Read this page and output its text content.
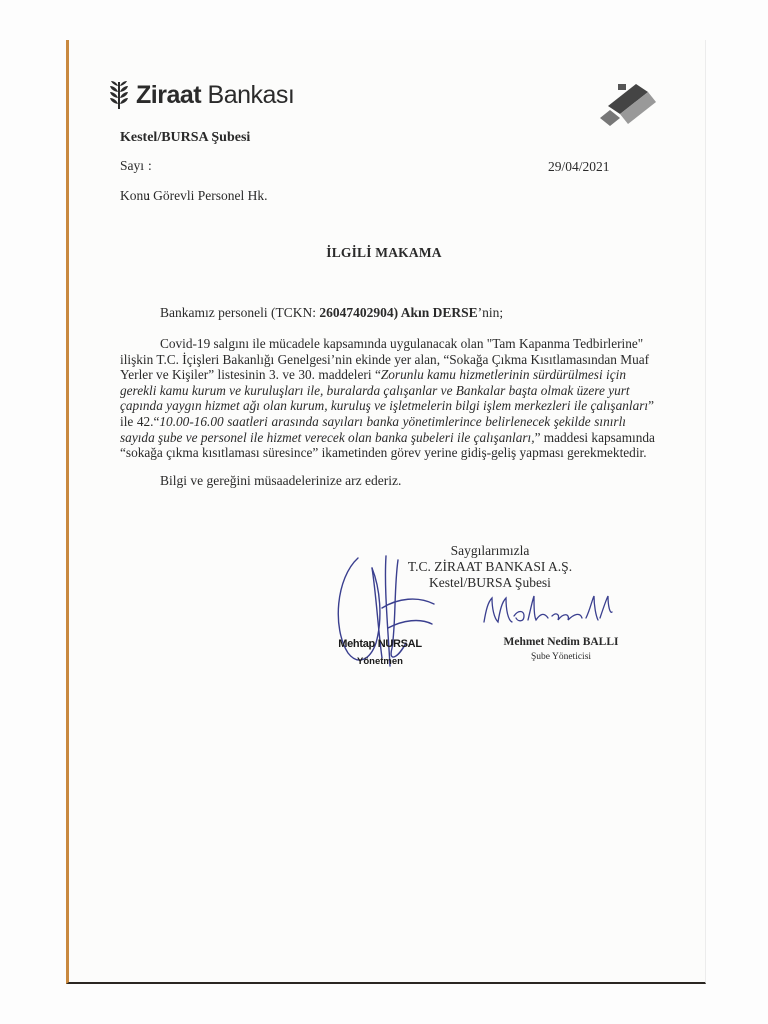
Ziraat Bankası
Kestel/BURSA Şubesi
Sayı :	29/04/2021
Konu
: Görevli Personel Hk.
İLGİLİ MAKAMA
Bankamız personeli (TCKN: 26047402904) Akın DERSE’nin;
Covid-19 salgını ile mücadele kapsamında uygulanacak olan "Tam Kapanma Tedbirlerine"
ilişkin T.C. İçişleri Bakanlığı Genelgesi’nin ekinde yer alan, “Sokağa Çıkma Kısıtlamasından Muaf
Yerler ve Kişiler” listesinin 3. ve 30. maddeleri “Zorunlu kamu hizmetlerinin sürdürülmesi için
gerekli kamu kurum ve kuruluşları ile, buralarda çalışanlar ve Bankalar başta olmak üzere yurt
çapında yaygın hizmet ağı olan kurum, kuruluş ve işletmelerin bilgi işlem merkezleri ile çalışanları”
ile 42.“10.00-16.00 saatleri arasında sayıları banka yönetimlerince belirlenecek şekilde sınırlı
sayıda şube ve personel ile hizmet verecek olan banka şubeleri ile çalışanları,” maddesi kapsamında
“sokağa çıkma kısıtlaması süresince” ikametinden görev yerine gidiş-geliş yapması gerekmektedir.
Bilgi ve gereğini müsaadelerinize arz ederiz.
Saygılarımızla
T.C. ZİRAAT BANKASI A.Ş.
Kestel/BURSA Şubesi
Mehtap NURSAL
Yönetmen
Mehmet Nedim BALLI
Şube Yöneticisi
